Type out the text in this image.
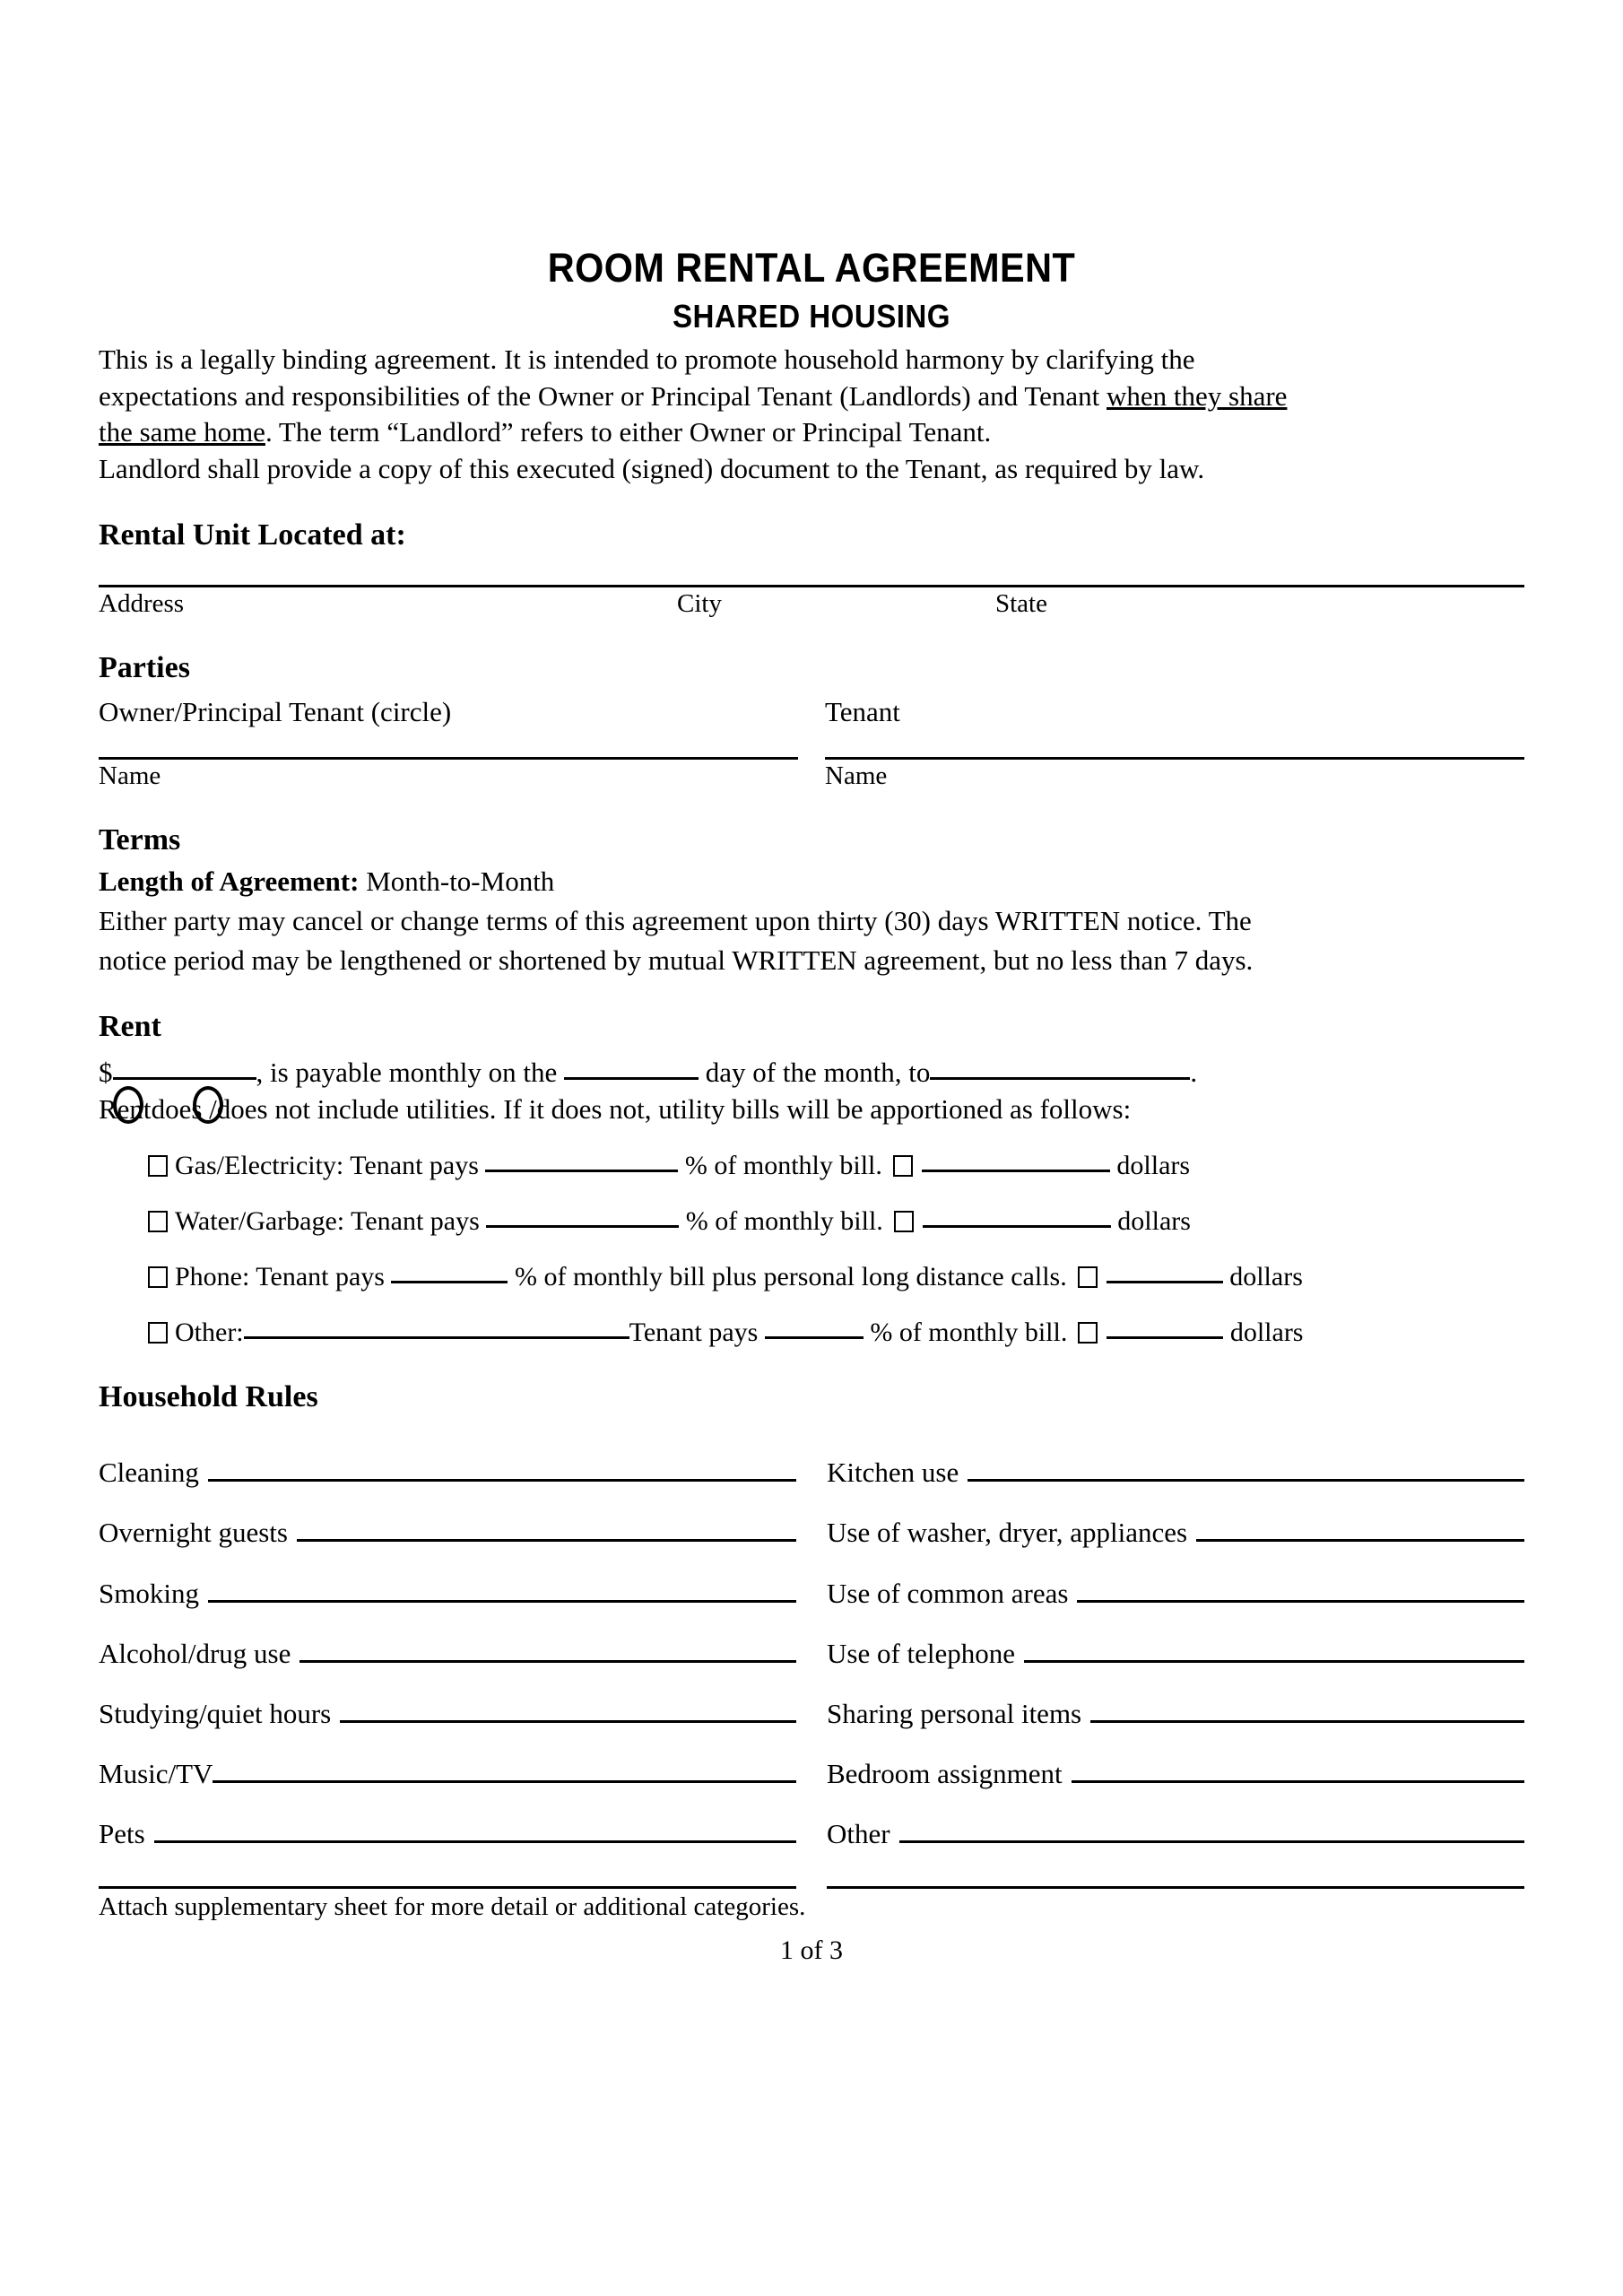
ROOM RENTAL AGREEMENT
SHARED HOUSING
This is a legally binding agreement. It is intended to promote household harmony by clarifying the
expectations and responsibilities of the Owner or Principal Tenant (Landlords) and Tenant when they share
the same home. The term “Landlord” refers to either Owner or Principal Tenant.
Landlord shall provide a copy of this executed (signed) document to the Tenant, as required by law.
Rental Unit Located at:
Address	City	State
Parties
Owner/Principal Tenant (circle)	Tenant
Name	Name
Terms
Length of Agreement: Month-to-Month
Either party may cancel or change terms of this agreement upon thirty (30) days WRITTEN notice. The
notice period may be lengthened or shortened by mutual WRITTEN agreement, but no less than 7 days.
Rent
$	, is payable monthly on the	day of the month, to	.
Rentdoes /does not include utilities. If it does not, utility bills will be apportioned as follows:
Gas/Electricity: Tenant pays	% of monthly bill.	dollars
Water/Garbage: Tenant pays	% of monthly bill.	dollars
Phone: Tenant pays	% of monthly bill plus personal long distance calls.	dollars
Other:	Tenant pays	% of monthly bill.	dollars
Household Rules
Cleaning	Kitchen use
Overnight guests	Use of washer, dryer, appliances
Smoking	Use of common areas
Alcohol/drug use	Use of telephone
Studying/quiet hours	Sharing personal items
Music/TV	Bedroom assignment
Pets	Other
Attach supplementary sheet for more detail or additional categories.
1 of 3
